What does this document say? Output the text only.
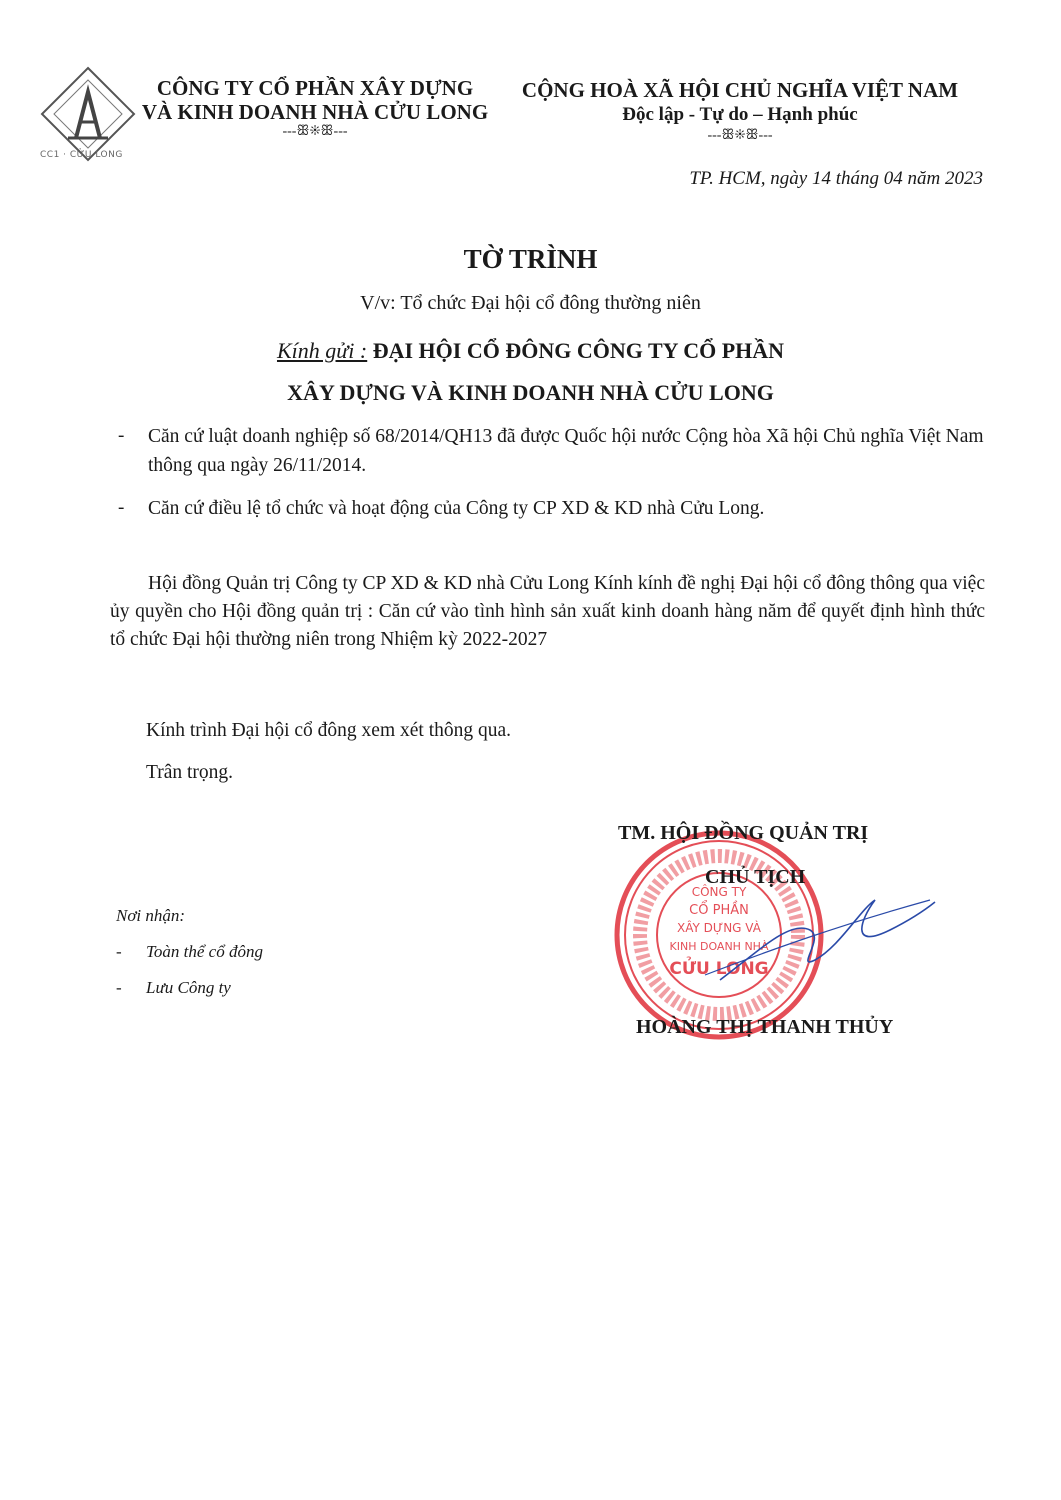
CC1 · CỬU LONG
CÔNG TY CỔ PHẦN XÂY DỰNG
VÀ KINH DOANH NHÀ CỬU LONG
---ꕥ❊ꕥ---
CỘNG HOÀ XÃ HỘI CHỦ NGHĨA VIỆT NAM
Độc lập - Tự do – Hạnh phúc
---ꕥ❊ꕥ---
TP. HCM, ngày 14 tháng 04 năm 2023
TỜ TRÌNH
V/v: Tổ chức Đại hội cổ đông thường niên
Kính gửi : ĐẠI HỘI CỔ ĐÔNG CÔNG TY CỔ PHẦN
XÂY DỰNG VÀ KINH DOANH NHÀ CỬU LONG
- Căn cứ luật doanh nghiệp số 68/2014/QH13 đã được Quốc hội nước Cộng hòa Xã hội Chủ nghĩa Việt Nam thông qua ngày 26/11/2014.
- Căn cứ điều lệ tổ chức và hoạt động của Công ty CP XD & KD nhà Cửu Long.
Hội đồng Quản trị Công ty CP XD & KD nhà Cửu Long Kính kính đề nghị Đại hội cổ đông thông qua việc ủy quyền cho Hội đồng quản trị : Căn cứ vào tình hình sản xuất kinh doanh hàng năm để quyết định hình thức tổ chức Đại hội thường niên trong Nhiệm kỳ 2022-2027
Kính trình Đại hội cổ đông xem xét thông qua.
Trân trọng.
CÔNG TY
CỔ PHẦN
XÂY DỰNG VÀ
KINH DOANH NHÀ
CỬU LONG
TM. HỘI ĐỒNG QUẢN TRỊ
CHỦ TỊCH
HOÀNG THỊ THANH THỦY
Nơi nhận:
- Toàn thể cổ đông
- Lưu Công ty
